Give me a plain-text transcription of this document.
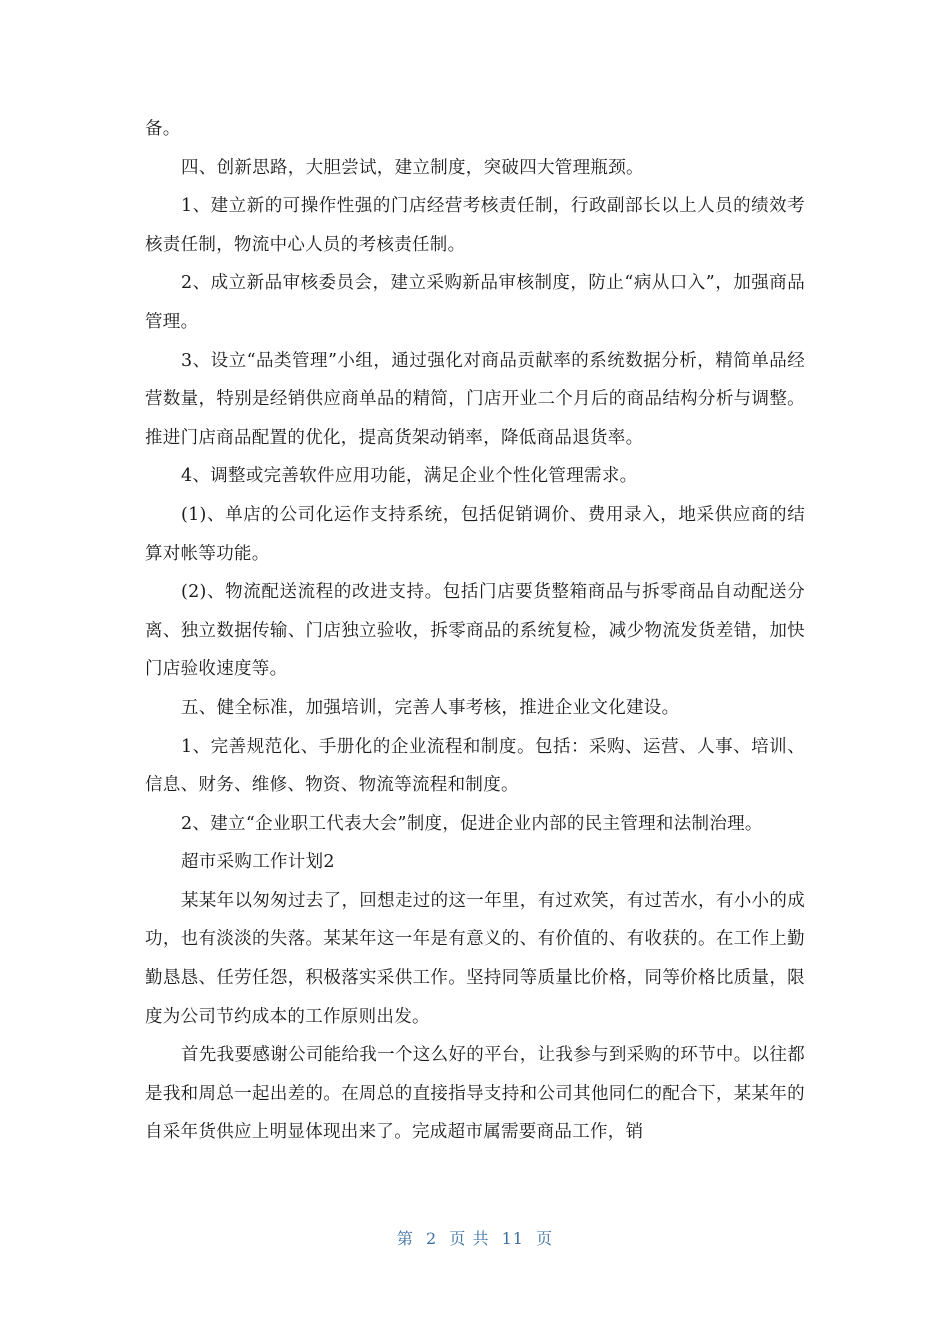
备。

四、创新思路，大胆尝试，建立制度，突破四大管理瓶颈。

1、建立新的可操作性强的门店经营考核责任制，行政副部长以上人员的绩效考核责任制，物流中心人员的考核责任制。

2、成立新品审核委员会，建立采购新品审核制度，防止“病从口入”，加强商品管理。

3、设立“品类管理”小组，通过强化对商品贡献率的系统数据分析，精简单品经营数量，特别是经销供应商单品的精简，门店开业二个月后的商品结构分析与调整。推进门店商品配置的优化，提高货架动销率，降低商品退货率。

4、调整或完善软件应用功能，满足企业个性化管理需求。

(1)、单店的公司化运作支持系统，包括促销调价、费用录入，地采供应商的结算对帐等功能。

(2)、物流配送流程的改进支持。包括门店要货整箱商品与拆零商品自动配送分离、独立数据传输、门店独立验收，拆零商品的系统复检，减少物流发货差错，加快门店验收速度等。

五、健全标准，加强培训，完善人事考核，推进企业文化建设。

1、完善规范化、手册化的企业流程和制度。包括：采购、运营、人事、培训、信息、财务、维修、物资、物流等流程和制度。

2、建立“企业职工代表大会”制度，促进企业内部的民主管理和法制治理。

超市采购工作计划2

某某年以匆匆过去了，回想走过的这一年里，有过欢笑，有过苦水，有小小的成功，也有淡淡的失落。某某年这一年是有意义的、有价值的、有收获的。在工作上勤勤恳恳、任劳任怨，积极落实采供工作。坚持同等质量比价格，同等价格比质量，限度为公司节约成本的工作原则出发。

首先我要感谢公司能给我一个这么好的平台，让我参与到采购的环节中。以往都是我和周总一起出差的。在周总的直接指导支持和公司其他同仁的配合下，某某年的自采年货供应上明显体现出来了。完成超市属需要商品工作，销

第  2  页 共  11  页
